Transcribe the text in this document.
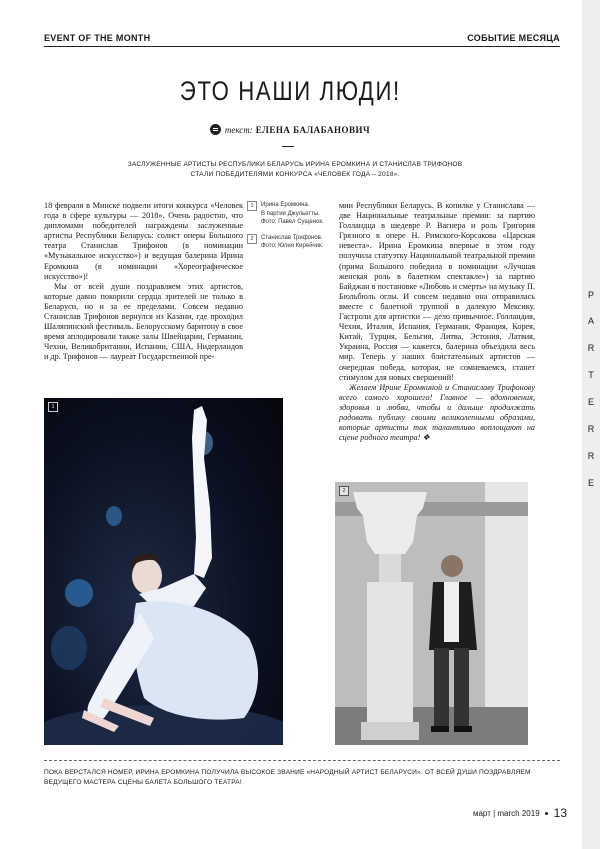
EVENT OF THE MONTH	СОБЫТИЕ МЕСЯЦА
P
A
R
T
E
R
R
E
ЭТО НАШИ ЛЮДИ!
текст: ЕЛЕНА БАЛАБАНОВИЧ
ЗАСЛУЖЕННЫЕ АРТИСТЫ РЕСПУБЛИКИ БЕЛАРУСЬ ИРИНА ЕРОМКИНА И СТАНИСЛАВ ТРИФОНОВ СТАЛИ ПОБЕДИТЕЛЯМИ КОНКУРСА «ЧЕЛОВЕК ГОДА – 2018».

18 февраля в Минске подвели итоги конкурса «Человек года в сфере культуры — 2018». Очень радостно, что дипломами победителей награждены заслуженные артисты Республики Беларусь: солист оперы Большого театра Станислав Трифонов (в номинации «Музыкальное искусство») и ведущая балерина Ирина Еромкина (в номинации «Хореографическое искусство»)!

Мы от всей души поздравляем этих артистов, которые давно покорили сердца зрителей не только в Беларуси, но и за ее пределами. Совсем недавно Станислав Трифонов вернулся из Казани, где проходил Шаляпинский фестиваль. Белорусскому баритону в свое время аплодировали также залы Швейцарии, Германии, Чехии, Великобритании, Испании, США, Нидерландов и др. Трифонов — лауреат Государственной пре-

1	Ирина Еромкина.
В партии Джульетты.
Фото: Павел Сущенок.
2	Станислав Трифонов.
Фото: Юлия Кирейчик.

мии Республики Беларусь. В копилке у Станислава — две Национальные театральные премии: за партию Голландца в шедевре Р. Вагнера и роль Григория Грязного в опере Н. Римского-Корсакова «Царская невеста». Ирина Еромкина впервые в этом году получила статуэтку Национальной театральной премии (прима Большого победила в номинации «Лучшая женская роль в балетном спектакле») за партию Байджан в постановке «Любовь и смерть» на музыку П. Бюльбюль оглы. И совсем недавно она отправилась вместе с балетной труппой в далекую Мексику. Гастроли для артистки — дело привычное. Голландия, Чехия, Италия, Испания, Германия, Франция, Корея, Китай, Турция, Бельгия, Литва, Эстония, Латвия, Украина, Россия — кажется, балерина объездила весь мир. Теперь у наших блистательных артистов — очередная победа, которая, не сомневаемся, станет стимулом для новых свершений!

Желаем Ирине Еромкиной и Станиславу Трифонову всего самого хорошего! Главное — вдохновения, здоровья и любви, чтобы и дальше продолжать радовать публику своими великолепными образами, которые артисты так талантливо воплощают на сцене родного театра! ❖

1
2
ПОКА ВЕРСТАЛСЯ НОМЕР, ИРИНА ЕРОМКИНА ПОЛУЧИЛА ВЫСОКОЕ ЗВАНИЕ «НАРОДНЫЙ АРТИСТ БЕЛАРУСИ». ОТ ВСЕЙ ДУШИ ПОЗДРАВЛЯЕМ ВЕДУЩЕГО МАСТЕРА СЦЕНЫ БАЛЕТА БОЛЬШОГО ТЕАТРА!
март | march 2019 13
